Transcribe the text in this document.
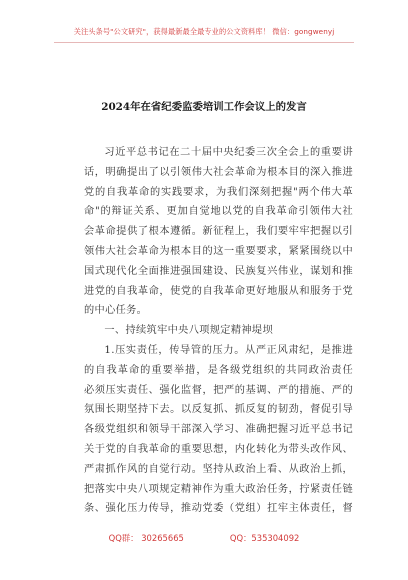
关注头条号"公文研究"，获得最新最全最专业的公文资料库！ 微信：gongwenyj
2024年在省纪委监委培训工作会议上的发言

习近平总书记在二十届中央纪委三次全会上的重要讲

话，明确提出了以引领伟大社会革命为根本目的深入推进

党的自我革命的实践要求，为我们深刻把握"两个伟大革

命"的辩证关系、更加自觉地以党的自我革命引领伟大社

会革命提供了根本遵循。新征程上，我们要牢牢把握以引

领伟大社会革命为根本目的这一重要要求，紧紧围绕以中

国式现代化全面推进强国建设、民族复兴伟业，谋划和推

进党的自我革命，使党的自我革命更好地服从和服务于党

的中心任务。

一、持续筑牢中央八项规定精神堤坝

1.压实责任，传导管的压力。从严正风肃纪，是推进

的自我革命的重要举措，是各级党组织的共同政治责任

必须压实责任、强化监督，把严的基调、严的措施、严的

氛围长期坚持下去。以反复抓、抓反复的韧劲，督促引导

各级党组织和领导干部深入学习、准确把握习近平总书记

关于党的自我革命的重要思想，内化转化为带头改作风、

严肃抓作风的自觉行动。坚持从政治上看、从政治上抓，

把落实中央八项规定精神作为重大政治任务，拧紧责任链

条、强化压力传导，推动党委（党组）扛牢主体责任，督

QQ群： 30265665	QQ：535304092
